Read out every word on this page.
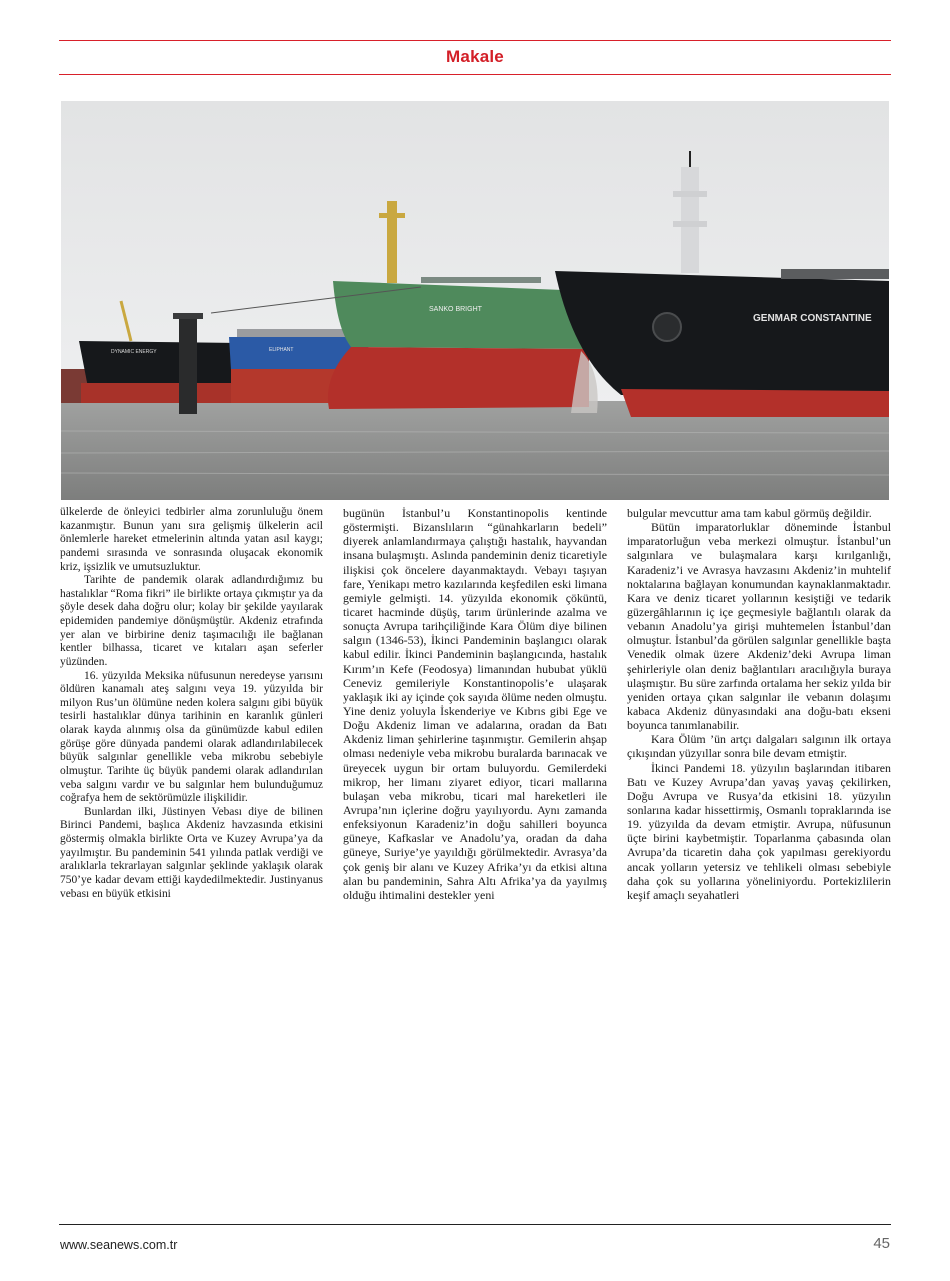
Makale
DYNAMIC ENERGY	ELIPHANT
SANKO BRIGHT
GENMAR CONSTANTINE

ülkelerde de önleyici tedbirler alma zorunluluğu önem kazanmıştır. Bunun yanı sıra gelişmiş ülkelerin acil önlemlerle hareket etmelerinin altında yatan asıl kaygı; pandemi sırasında ve sonrasında oluşacak ekonomik kriz, işsizlik ve umutsuzluktur.

Tarihte de pandemik olarak adlandırdığımız bu hastalıklar “Roma fikri” ile birlikte ortaya çıkmıştır ya da şöyle desek daha doğru olur; kolay bir şekilde yayılarak epidemiden pandemiye dönüşmüştür. Akdeniz etrafında yer alan ve birbirine deniz taşımacılığı ile bağlanan kentler bilhassa, ticaret ve kıtaları aşan seferler yüzünden.

16. yüzyılda Meksika nüfusunun neredeyse yarısını öldüren kanamalı ateş salgını veya 19. yüzyılda bir milyon Rus’un ölümüne neden kolera salgını gibi büyük tesirli hastalıklar dünya tarihinin en karanlık günleri olarak kayda alınmış olsa da günümüzde kabul edilen görüşe göre dünyada pandemi olarak adlandırılabilecek büyük salgınlar genellikle veba mikrobu sebebiyle olmuştur. Tarihte üç büyük pandemi olarak adlandırılan veba salgını vardır ve bu salgınlar hem bulunduğumuz coğrafya hem de sektörümüzle ilişkilidir.

Bunlardan ilki, Jüstinyen Vebası diye de bilinen Birinci Pandemi, başlıca Akdeniz havzasında etkisini göstermiş olmakla birlikte Orta ve Kuzey Avrupa’ya da yayılmıştır. Bu pandeminin 541 yılında patlak verdiği ve aralıklarla tekrarlayan salgınlar şeklinde yaklaşık olarak 750’ye kadar devam ettiği kaydedilmektedir. Justinyanus vebası en büyük etkisini

bugünün İstanbul’u Konstantinopolis kentinde göstermişti. Bizanslıların “günahkarların bedeli” diyerek anlamlandırmaya çalıştığı hastalık, hayvandan insana bulaşmıştı. Aslında pandeminin deniz ticaretiyle ilişkisi çok öncelere dayanmaktaydı. Vebayı taşıyan fare, Yenikapı metro kazılarında keşfedilen eski limana gemiyle gelmişti. 14. yüzyılda ekonomik çöküntü, ticaret hacminde düşüş, tarım ürünlerinde azalma ve sonuçta Avrupa tarihçiliğinde Kara Ölüm diye bilinen salgın (1346-53), İkinci Pandeminin başlangıcı olarak kabul edilir. İkinci Pandeminin başlangıcında, hastalık Kırım’ın Kefe (Feodosya) limanından hububat yüklü Ceneviz gemileriyle Konstantinopolis’e ulaşarak yaklaşık iki ay içinde çok sayıda ölüme neden olmuştu. Yine deniz yoluyla İskenderiye ve Kıbrıs gibi Ege ve Doğu Akdeniz liman ve adalarına, oradan da Batı Akdeniz liman şehirlerine taşınmıştır. Gemilerin ahşap olması nedeniyle veba mikrobu buralarda barınacak ve üreyecek uygun bir ortam buluyordu. Gemilerdeki mikrop, her limanı ziyaret ediyor, ticari mallarına bulaşan veba mikrobu, ticari mal hareketleri ile Avrupa’nın içlerine doğru yayılıyordu. Aynı zamanda enfeksiyonun Karadeniz’in doğu sahilleri boyunca güneye, Kafkaslar ve Anadolu’ya, oradan da daha güneye, Suriye’ye yayıldığı görülmektedir. Avrasya’da çok geniş bir alanı ve Kuzey Afrika’yı da etkisi altına alan bu pandeminin, Sahra Altı Afrika’ya da yayılmış olduğu ihtimalini destekler yeni

bulgular mevcuttur ama tam kabul görmüş değildir.

Bütün imparatorluklar döneminde İstanbul imparatorluğun veba merkezi olmuştur. İstanbul’un salgınlara ve bulaşmalara karşı kırılganlığı, Karadeniz’i ve Avrasya havzasını Akdeniz’in muhtelif noktalarına bağlayan konumundan kaynaklanmaktadır. Kara ve deniz ticaret yollarının kesiştiği ve tedarik güzergâhlarının iç içe geçmesiyle bağlantılı olarak da vebanın Anadolu’ya girişi muhtemelen İstanbul’dan olmuştur. İstanbul’da görülen salgınlar genellikle başta Venedik olmak üzere Akdeniz’deki Avrupa liman şehirleriyle olan deniz bağlantıları aracılığıyla buraya ulaşmıştır. Bu süre zarfında ortalama her sekiz yılda bir yeniden ortaya çıkan salgınlar ile vebanın dolaşımı kabaca Akdeniz dünyasındaki ana doğu-batı ekseni boyunca tanımlanabilir.

Kara Ölüm ’ün artçı dalgaları salgının ilk ortaya çıkışından yüzyıllar sonra bile devam etmiştir.

İkinci Pandemi 18. yüzyılın başlarından itibaren Batı ve Kuzey Avrupa’dan yavaş yavaş çekilirken, Doğu Avrupa ve Rusya’da etkisini 18. yüzyılın sonlarına kadar hissettirmiş, Osmanlı topraklarında ise 19. yüzyılda da devam etmiştir. Avrupa, nüfusunun üçte birini kaybetmiştir. Toparlanma çabasında olan Avrupa’da ticaretin daha çok yapılması gerekiyordu ancak yolların yetersiz ve tehlikeli olması sebebiyle daha çok su yollarına yöneliniyordu. Portekizlilerin keşif amaçlı seyahatleri

www.seanews.com.tr	45
